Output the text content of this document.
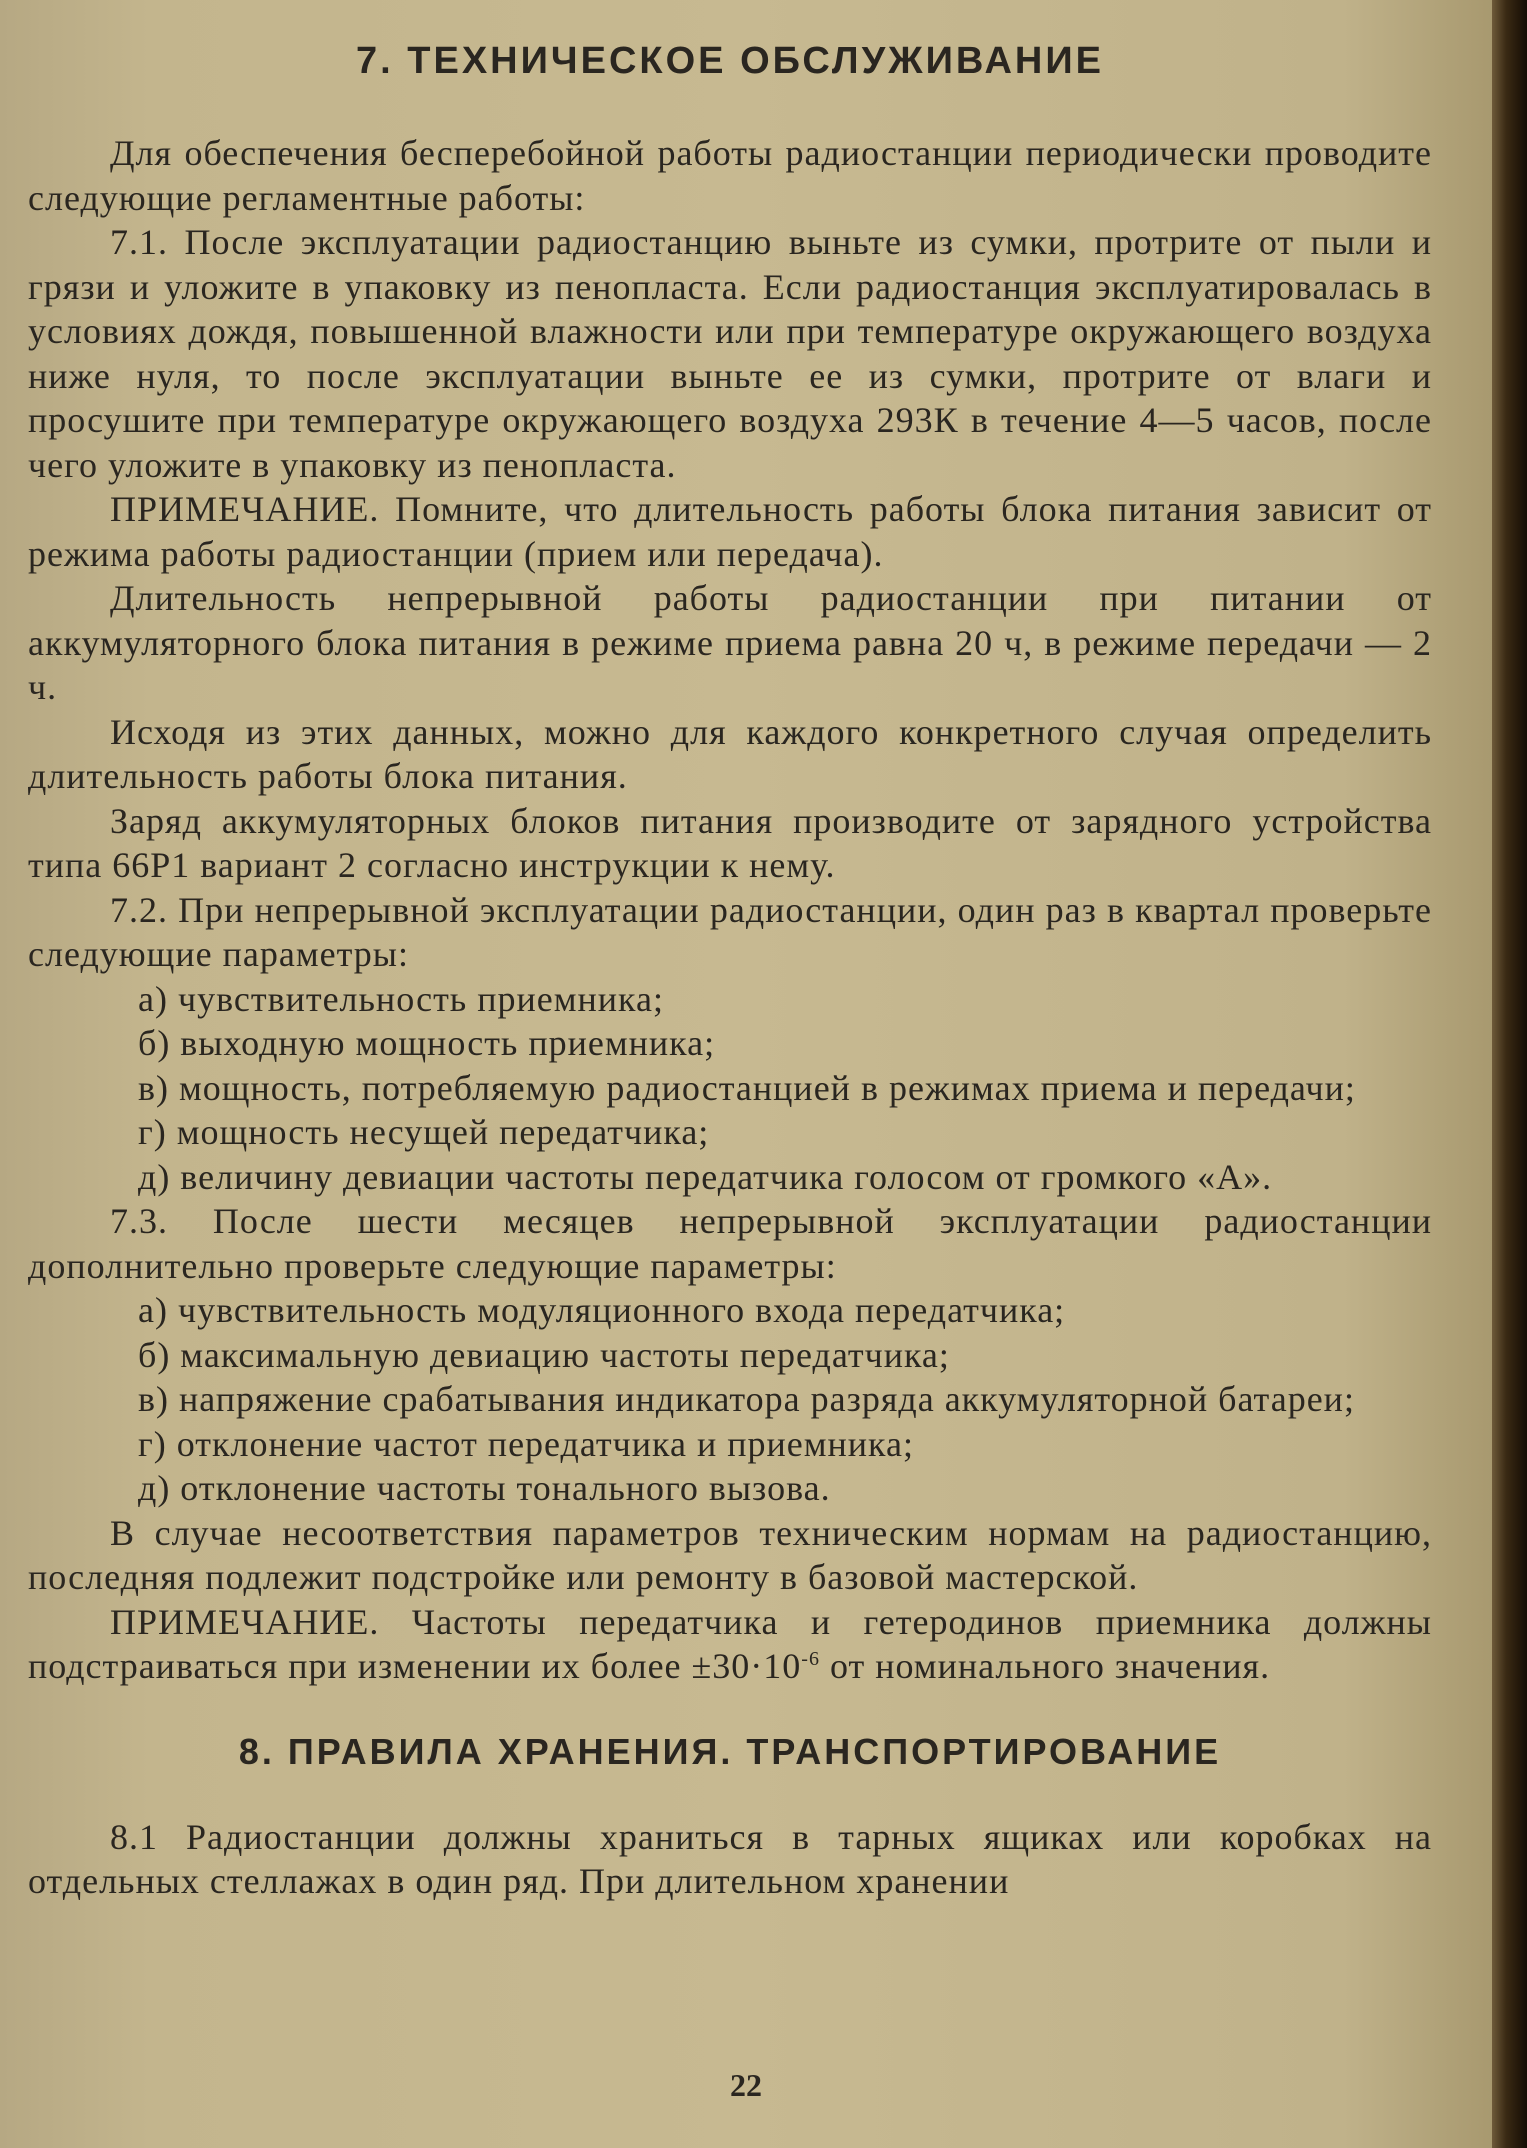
7. ТЕХНИЧЕСКОЕ ОБСЛУЖИВАНИЕ

Для обеспечения бесперебойной работы радиостанции периодически проводите следующие регламентные работы:

7.1. После эксплуатации радиостанцию выньте из сумки, протрите от пыли и грязи и уложите в упаковку из пенопласта. Если радиостанция эксплуатировалась в условиях дождя, повышенной влажности или при температуре окружающего воздуха ниже нуля, то после эксплуатации выньте ее из сумки, протрите от влаги и просушите при температуре окружающего воздуха 293К в течение 4—5 часов, после чего уложите в упаковку из пенопласта.

ПРИМЕЧАНИЕ. Помните, что длительность работы блока питания зависит от режима работы радиостанции (прием или передача).

Длительность непрерывной работы радиостанции при питании от аккумуляторного блока питания в режиме приема равна 20 ч, в режиме передачи — 2 ч.

Исходя из этих данных, можно для каждого конкретного случая определить длительность работы блока питания.

Заряд аккумуляторных блоков питания производите от зарядного устройства типа 66Р1 вариант 2 согласно инструкции к нему.

7.2. При непрерывной эксплуатации радиостанции, один раз в квартал проверьте следующие параметры:

а) чувствительность приемника;

б) выходную мощность приемника;

в) мощность, потребляемую радиостанцией в режимах приема и передачи;

г) мощность несущей передатчика;

д) величину девиации частоты передатчика голосом от громкого «А».

7.3. После шести месяцев непрерывной эксплуатации радиостанции дополнительно проверьте следующие параметры:

а) чувствительность модуляционного входа передатчика;

б) максимальную девиацию частоты передатчика;

в) напряжение срабатывания индикатора разряда аккумуляторной батареи;

г) отклонение частот передатчика и приемника;

д) отклонение частоты тонального вызова.

В случае несоответствия параметров техническим нормам на радиостанцию, последняя подлежит подстройке или ремонту в базовой мастерской.

ПРИМЕЧАНИЕ. Частоты передатчика и гетеродинов приемника должны подстраиваться при изменении их более $\pm 30\cdot 10^{-6}$ от номинального значения.

8. ПРАВИЛА ХРАНЕНИЯ. ТРАНСПОРТИРОВАНИЕ

8.1 Радиостанции должны храниться в тарных ящиках или коробках на отдельных стеллажах в один ряд. При длительном хранении

22
